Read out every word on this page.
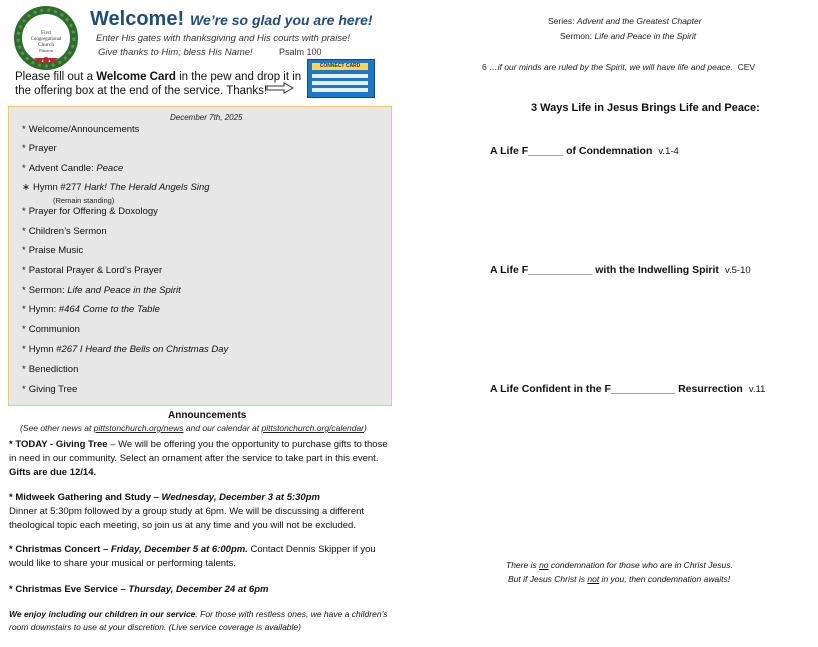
First
Congregational
Church
Pittston
Welcome! We’re so glad you are here!
Enter His gates with thanksgiving and His courts with praise!
Give thanks to Him; bless His Name!	Psalm 100
Please fill out a Welcome Card in the pew and drop it in
the offering box at the end of the service. Thanks!
CONNECT CARD
December 7th, 2025
* Welcome/Announcements
* Prayer
* Advent Candle: Peace
∗ Hymn #277 Hark! The Herald Angels Sing
* Prayer for Offering & Doxology
* Children’s Sermon
* Praise Music
* Pastoral Prayer & Lord’s Prayer
* Sermon: Life and Peace in the Spirit
* Hymn: #464 Come to the Table
* Communion
* Hymn #267 I Heard the Bells on Christmas Day
* Benediction
* Giving Tree
(Remain standing)
Announcements
(See other news at pittstonchurch.org/news and our calendar at pittstonchurch.org/calendar)
* TODAY - Giving Tree – We will be offering you the opportunity to purchase gifts to those in need in our community. Select an ornament after the service to take part in this event. Gifts are due 12/14.
* Midweek Gathering and Study – Wednesday, December 3 at 5:30pm
Dinner at 5:30pm followed by a group study at 6pm. We will be discussing a different theological topic each meeting, so join us at any time and you will not be excluded.
* Christmas Concert – Friday, December 5 at 6:00pm. Contact Dennis Skipper if you would like to share your musical or performing talents.
* Christmas Eve Service – Thursday, December 24 at 6pm
We enjoy including our children in our service. For those with restless ones, we have a children’s room downstairs to use at your discretion. (Live service coverage is available)
Series: Advent and the Greatest Chapter
Sermon: Life and Peace in the Spirit
6 …if our minds are ruled by the Spirit, we will have life and peace. CEV
3 Ways Life in Jesus Brings Life and Peace:
A Life F______ of Condemnation v.1-4
A Life F___________ with the Indwelling Spirit v.5-10
A Life Confident in the F___________ Resurrection v.11
There is no condemnation for those who are in Christ Jesus.
But if Jesus Christ is not in you, then condemnation awaits!
